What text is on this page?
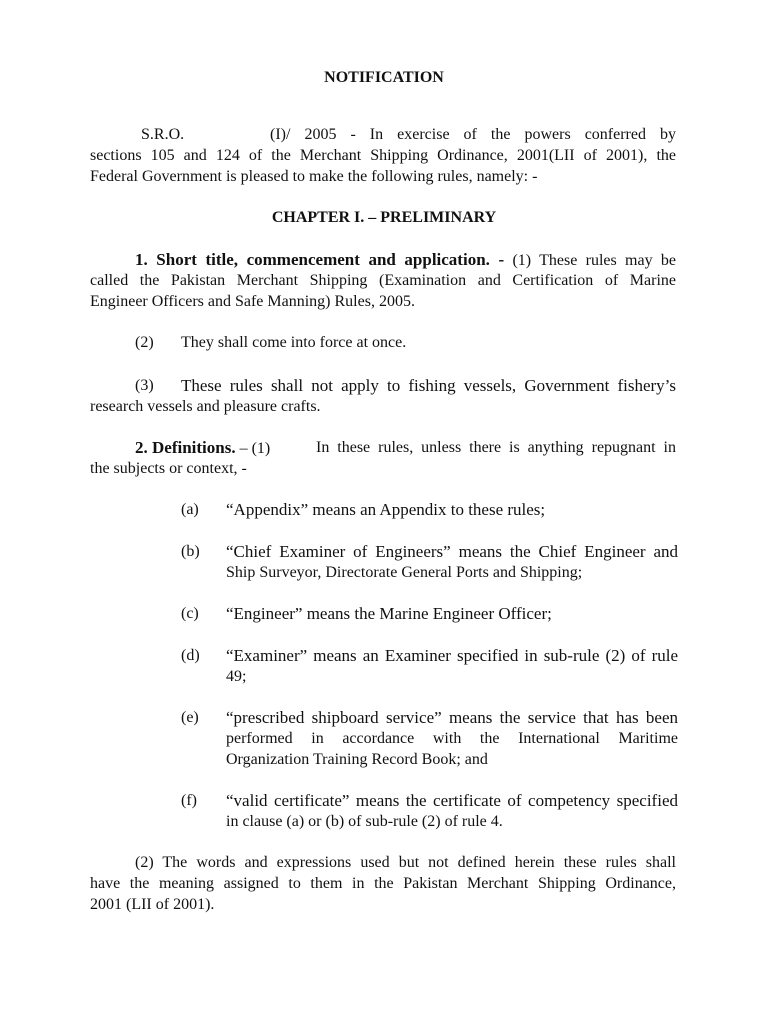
NOTIFICATION
S.R.O.	(I)/ 2005 - In exercise of the powers conferred by
sections 105 and 124 of the Merchant Shipping Ordinance, 2001(LII of 2001), the
Federal Government is pleased to make the following rules, namely: -
CHAPTER I. – PRELIMINARY
1. Short title, commencement and application. - (1) These rules may be
called the Pakistan Merchant Shipping (Examination and Certification of Marine
Engineer Officers and Safe Manning) Rules, 2005.
(2) They shall come into force at once.
(3) These rules shall not apply to fishing vessels, Government fishery’s
research vessels and pleasure crafts.
2. Definitions. – (1)	In these rules, unless there is anything repugnant in
the subjects or context, -
(a) “Appendix” means an Appendix to these rules;
(b) “Chief Examiner of Engineers” means the Chief Engineer and
Ship Surveyor, Directorate General Ports and Shipping;
(c) “Engineer” means the Marine Engineer Officer;
(d) “Examiner” means an Examiner specified in sub-rule (2) of rule
49;
(e) “prescribed shipboard service” means the service that has been
performed in accordance with the International Maritime
Organization Training Record Book; and
(f) “valid certificate” means the certificate of competency specified
in clause (a) or (b) of sub-rule (2) of rule 4.
(2) The words and expressions used but not defined herein these rules shall
have the meaning assigned to them in the Pakistan Merchant Shipping Ordinance,
2001 (LII of 2001).
